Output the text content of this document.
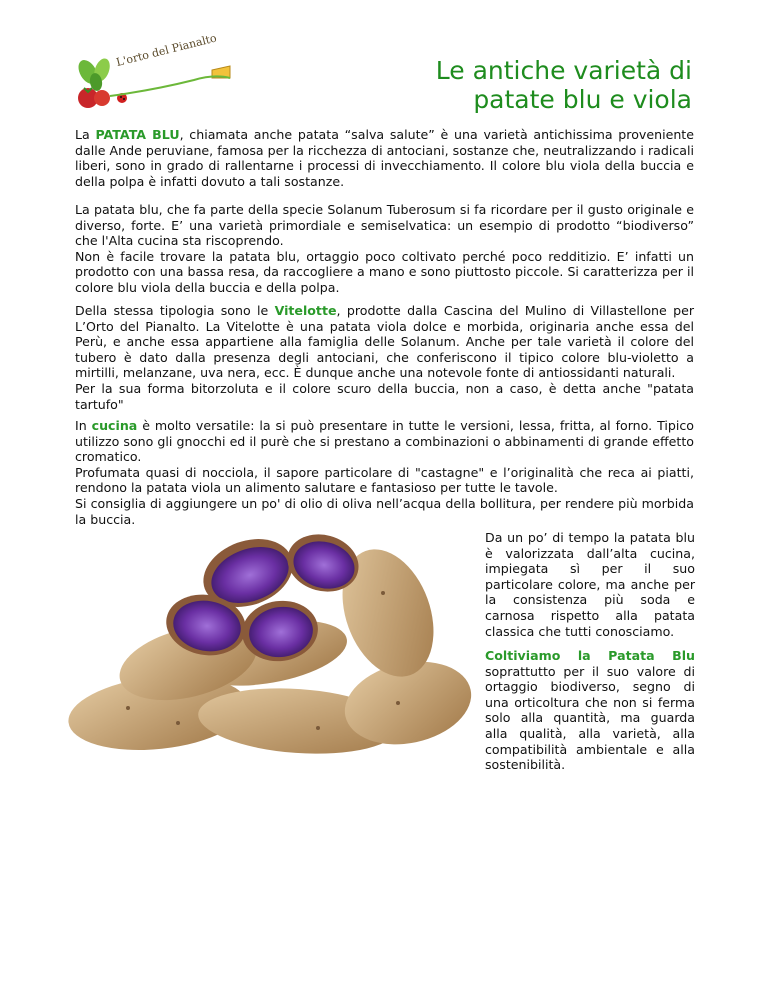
L'orto del Pianalto
Le antiche varietà di
patate blu e viola

La PATATA BLU, chiamata anche patata “salva salute” è una varietà antichissima proveniente dalle Ande peruviane, famosa per la ricchezza di antociani, sostanze che, neutralizzando i radicali liberi, sono in grado di rallentarne i processi di invecchiamento. Il colore blu viola della buccia e della polpa è infatti dovuto a tali sostanze.

La patata blu, che fa parte della specie Solanum Tuberosum si fa ricordare per il gusto originale e diverso, forte. E’ una varietà primordiale e semiselvatica: un esempio di prodotto “biodiverso” che l'Alta cucina sta riscoprendo.
Non è facile trovare la patata blu, ortaggio poco coltivato perché poco redditizio. E’ infatti un prodotto con una bassa resa, da raccogliere a mano e sono piuttosto piccole. Si caratterizza per il colore blu viola della buccia e della polpa.

Della stessa tipologia sono le Vitelotte, prodotte dalla Cascina del Mulino di Villastellone per L’Orto del Pianalto. La Vitelotte è una patata viola dolce e morbida, originaria anche essa del Perù, e anche essa appartiene alla famiglia delle Solanum. Anche per tale varietà il colore del tubero è dato dalla presenza degli antociani, che conferiscono il tipico colore blu-violetto a mirtilli, melanzane, uva nera, ecc. È dunque anche una notevole fonte di antiossidanti naturali.
Per la sua forma bitorzoluta e il colore scuro della buccia, non a caso, è detta anche "patata tartufo"

In cucina è molto versatile: la si può presentare in tutte le versioni, lessa, fritta, al forno. Tipico utilizzo sono gli gnocchi ed il purè che si prestano a combinazioni o abbinamenti di grande effetto cromatico.
Profumata quasi di nocciola, il sapore particolare di "castagne" e l’originalità che reca ai piatti, rendono la patata viola un alimento salutare e fantasioso per tutte le tavole.
Si consiglia di aggiungere un po' di olio di oliva nell’acqua della bollitura, per rendere più morbida la buccia.

Da un po’ di tempo la patata blu è valorizzata dall’alta cucina, impiegata sì per il suo particolare colore, ma anche per la consistenza più soda e carnosa rispetto alla patata classica che tutti conosciamo.

Coltiviamo la Patata Blu soprattutto per il suo valore di ortaggio biodiverso, segno di una orticoltura che non si ferma solo alla quantità, ma guarda alla qualità, alla varietà, alla compatibilità ambientale e alla sostenibilità.
